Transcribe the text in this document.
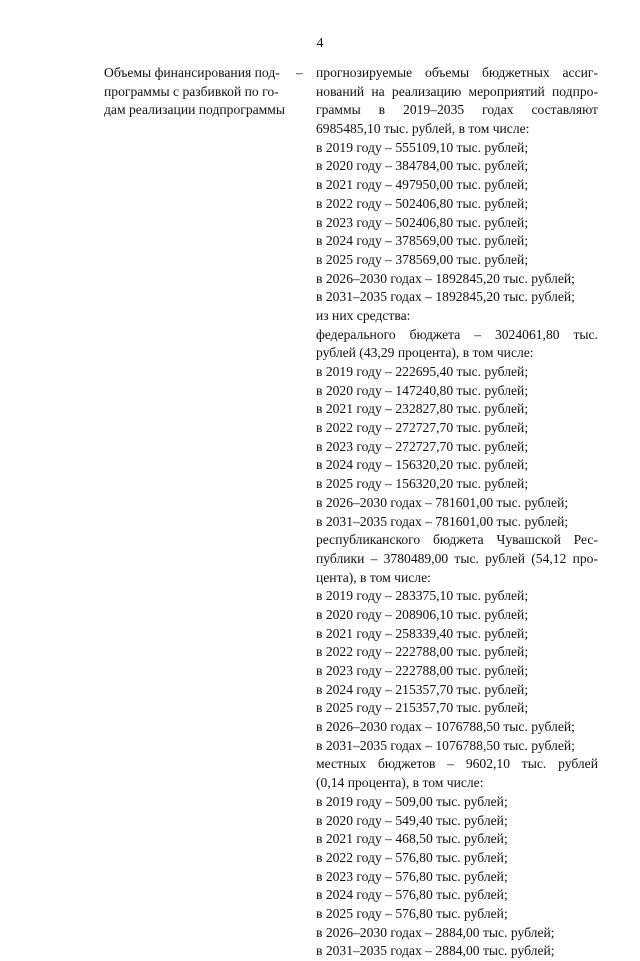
4
Объемы финансирования под-
программы с разбивкой по го-
дам реализации подпрограммы
– прогнозируемые объемы бюджетных ассиг-
нований на реализацию мероприятий подпро-
граммы в 2019–2035 годах составляют
6985485,10 тыс. рублей, в том числе:
в 2019 году – 555109,10 тыс. рублей;
в 2020 году – 384784,00 тыс. рублей;
в 2021 году – 497950,00 тыс. рублей;
в 2022 году – 502406,80 тыс. рублей;
в 2023 году – 502406,80 тыс. рублей;
в 2024 году – 378569,00 тыс. рублей;
в 2025 году – 378569,00 тыс. рублей;
в 2026–2030 годах – 1892845,20 тыс. рублей;
в 2031–2035 годах – 1892845,20 тыс. рублей;
из них средства:
федерального бюджета – 3024061,80 тыс.
рублей (43,29 процента), в том числе:
в 2019 году – 222695,40 тыс. рублей;
в 2020 году – 147240,80 тыс. рублей;
в 2021 году – 232827,80 тыс. рублей;
в 2022 году – 272727,70 тыс. рублей;
в 2023 году – 272727,70 тыс. рублей;
в 2024 году – 156320,20 тыс. рублей;
в 2025 году – 156320,20 тыс. рублей;
в 2026–2030 годах – 781601,00 тыс. рублей;
в 2031–2035 годах – 781601,00 тыс. рублей;
республиканского бюджета Чувашской Рес-
публики – 3780489,00 тыс. рублей (54,12 про-
цента), в том числе:
в 2019 году – 283375,10 тыс. рублей;
в 2020 году – 208906,10 тыс. рублей;
в 2021 году – 258339,40 тыс. рублей;
в 2022 году – 222788,00 тыс. рублей;
в 2023 году – 222788,00 тыс. рублей;
в 2024 году – 215357,70 тыс. рублей;
в 2025 году – 215357,70 тыс. рублей;
в 2026–2030 годах – 1076788,50 тыс. рублей;
в 2031–2035 годах – 1076788,50 тыс. рублей;
местных бюджетов – 9602,10 тыс. рублей
(0,14 процента), в том числе:
в 2019 году – 509,00 тыс. рублей;
в 2020 году – 549,40 тыс. рублей;
в 2021 году – 468,50 тыс. рублей;
в 2022 году – 576,80 тыс. рублей;
в 2023 году – 576,80 тыс. рублей;
в 2024 году – 576,80 тыс. рублей;
в 2025 году – 576,80 тыс. рублей;
в 2026–2030 годах – 2884,00 тыс. рублей;
в 2031–2035 годах – 2884,00 тыс. рублей;
